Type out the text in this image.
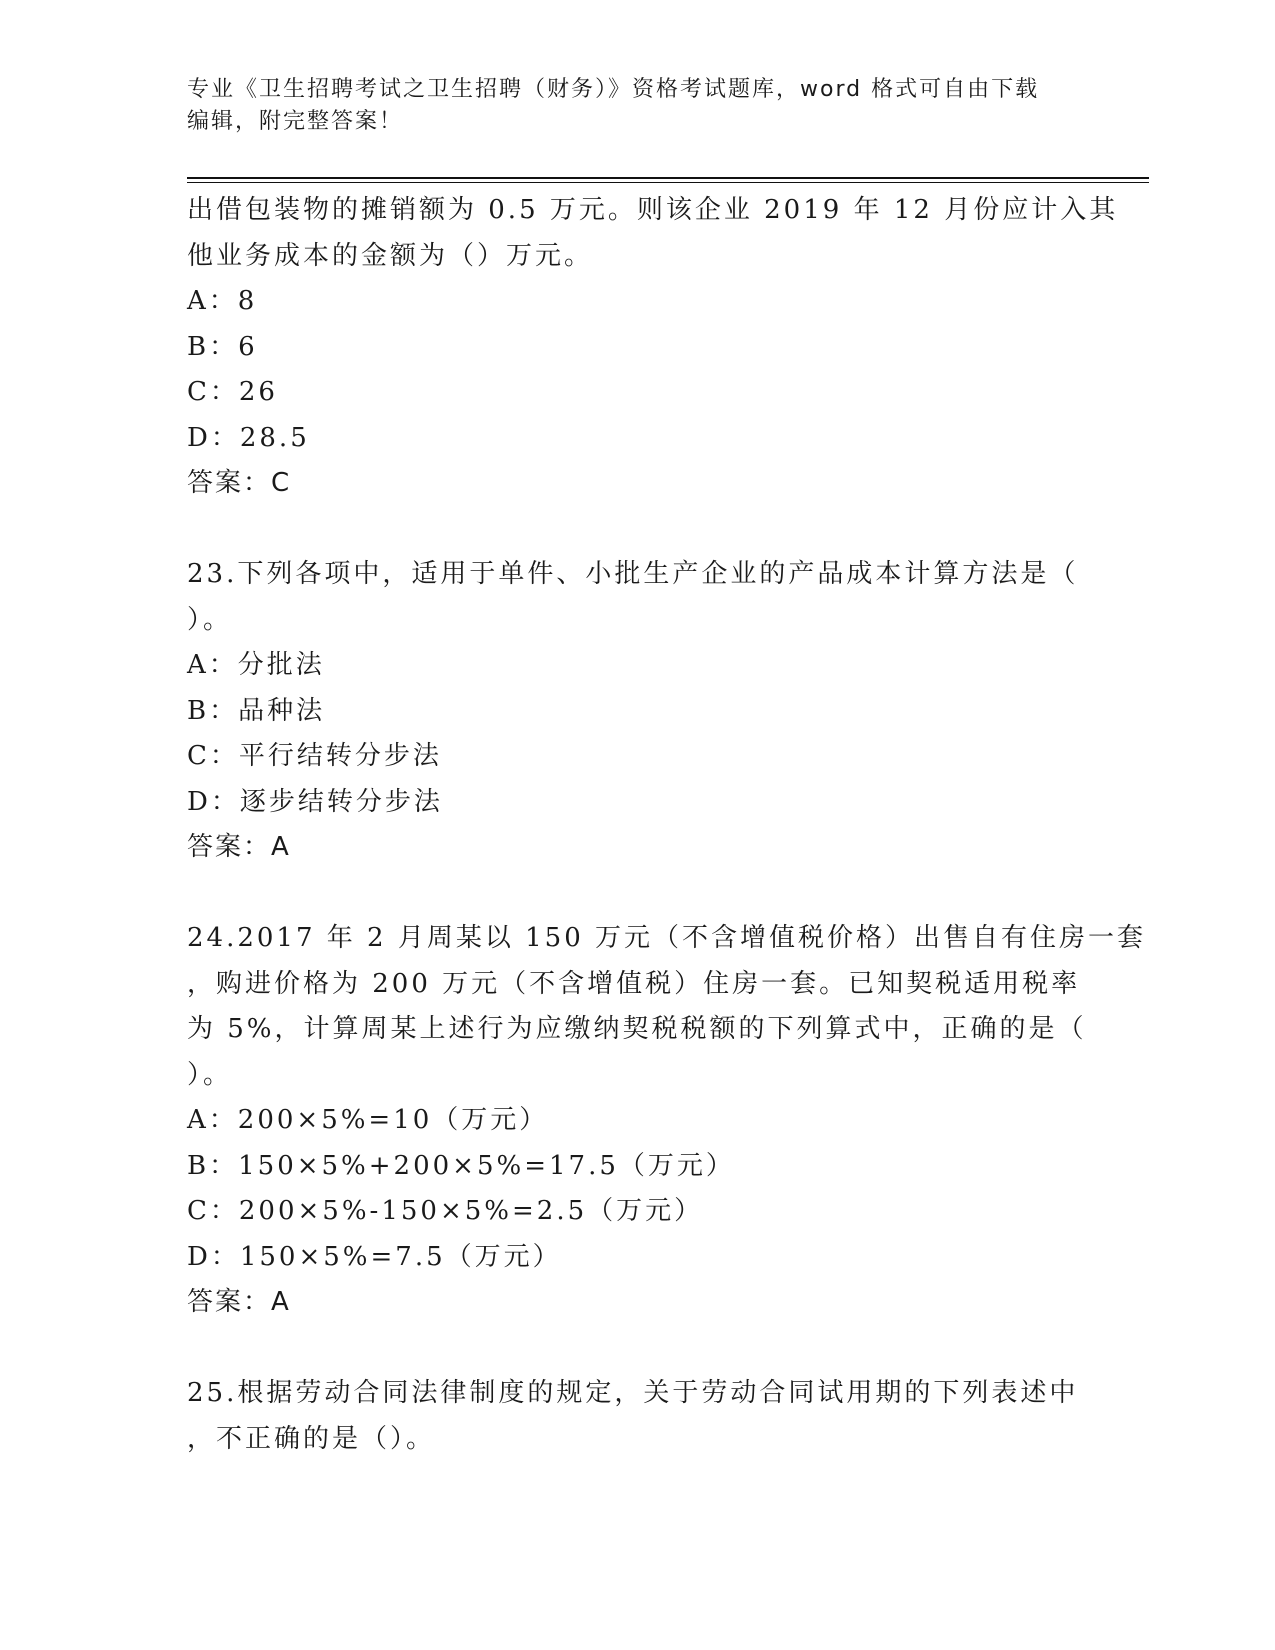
专业《卫生招聘考试之卫生招聘（财务）》资格考试题库，word 格式可自由下载
编辑，附完整答案！
出借包装物的摊销额为 0.5 万元。则该企业 2019 年 12 月份应计入其
他业务成本的金额为（）万元。
A：8
B：6
C：26
D：28.5
答案：C
23.下列各项中，适用于单件、小批生产企业的产品成本计算方法是（
）。
A：分批法
B：品种法
C：平行结转分步法
D：逐步结转分步法
答案：A
24.2017 年 2 月周某以 150 万元（不含增值税价格）出售自有住房一套
，购进价格为 200 万元（不含增值税）住房一套。已知契税适用税率
为 5%，计算周某上述行为应缴纳契税税额的下列算式中，正确的是（
）。
A：200×5%=10（万元）
B：150×5%+200×5%=17.5（万元）
C：200×5%-150×5%=2.5（万元）
D：150×5%=7.5（万元）
答案：A
25.根据劳动合同法律制度的规定，关于劳动合同试用期的下列表述中
，不正确的是（）。
